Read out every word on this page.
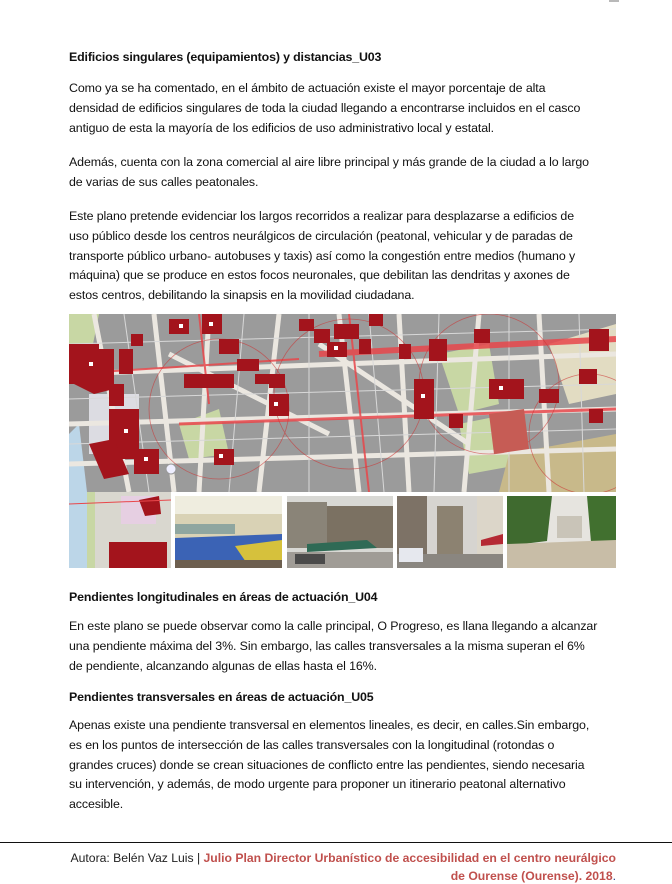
Edificios singulares (equipamientos) y distancias_U03
Como ya se ha comentado, en el ámbito de actuación existe el mayor porcentaje de alta
densidad de edificios singulares de toda la ciudad llegando a encontrarse incluidos en el casco
antiguo de esta la mayoría de los edificios de uso administrativo local y estatal.
Además, cuenta con la zona comercial al aire libre principal y más grande de la ciudad a lo largo
de varias de sus calles peatonales.
Este plano pretende evidenciar los largos recorridos a realizar para desplazarse a edificios de
uso público desde los centros neurálgicos de circulación (peatonal, vehicular y de paradas de
transporte público urbano- autobuses y taxis) así como la congestión entre medios (humano y
máquina) que se produce en estos focos neuronales, que debilitan las dendritas y axones de
estos centros, debilitando la sinapsis en la movilidad ciudadana.
Pendientes longitudinales en áreas de actuación_U04
En este plano se puede observar como la calle principal, O Progreso, es llana llegando a alcanzar
una pendiente máxima del 3%. Sin embargo, las calles transversales a la misma superan el 6%
de pendiente, alcanzando algunas de ellas hasta el 16%.
Pendientes transversales en áreas de actuación_U05
Apenas existe una pendiente transversal en elementos lineales, es decir, en calles.Sin embargo,
es en los puntos de intersección de las calles transversales con la longitudinal (rotondas o
grandes cruces) donde se crean situaciones de conflicto entre las pendientes, siendo necesaria
su intervención, y además, de modo urgente para proponer un itinerario peatonal alternativo
accesible.
Autora: Belén Vaz Luis | Julio Plan Director Urbanístico de accesibilidad en el centro neurálgico
de Ourense (Ourense). 2018.
